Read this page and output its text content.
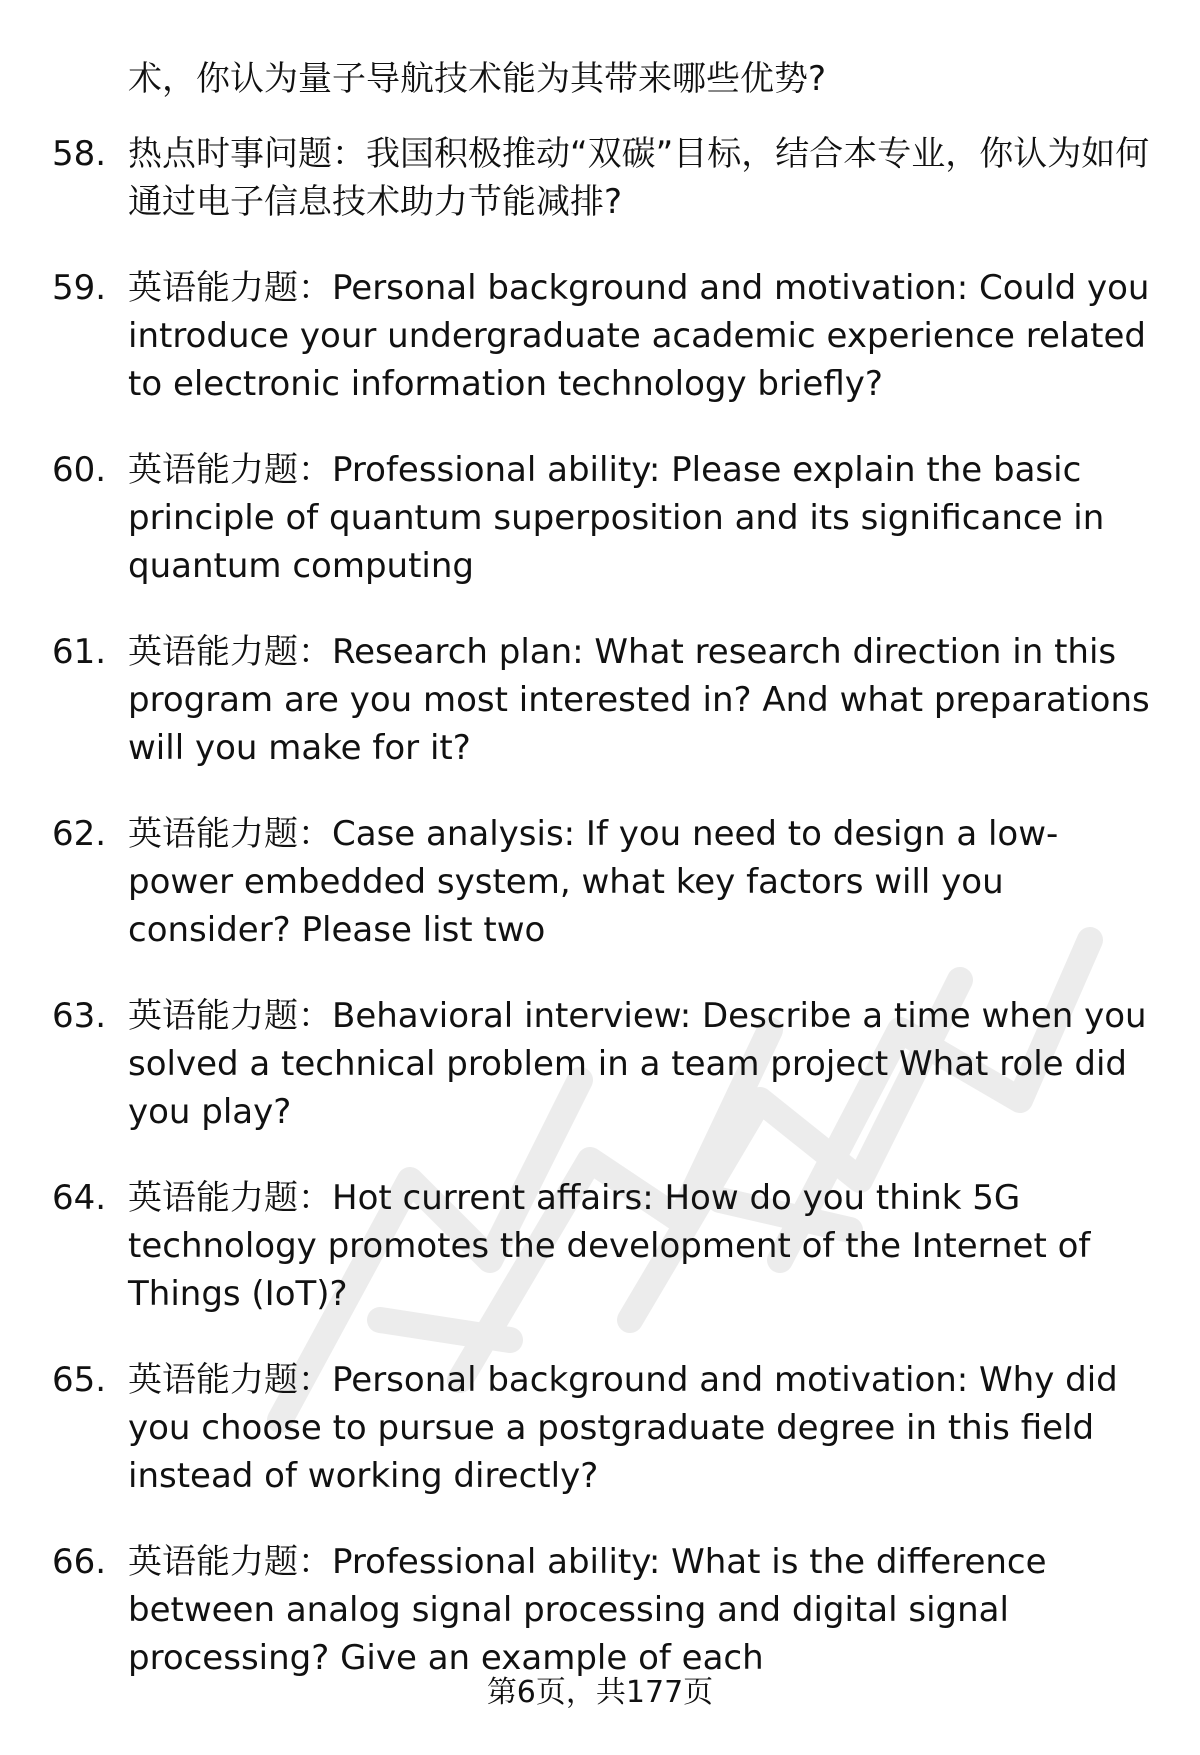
术，你认为量子导航技术能为其带来哪些优势?
58. 热点时事问题：我国积极推动“双碳”目标，结合本专业，你认为如何通过电子信息技术助力节能减排?
59. 英语能力题：Personal background and motivation: Could you introduce your undergraduate academic experience related to electronic information technology briefly?
60. 英语能力题：Professional ability: Please explain the basic principle of quantum superposition and its significance in quantum computing
61. 英语能力题：Research plan: What research direction in this program are you most interested in? And what preparations will you make for it?
62. 英语能力题：Case analysis: If you need to design a low-power embedded system, what key factors will you consider? Please list two
63. 英语能力题：Behavioral interview: Describe a time when you solved a technical problem in a team project What role did you play?
64. 英语能力题：Hot current affairs: How do you think 5G technology promotes the development of the Internet of Things (IoT)?
65. 英语能力题：Personal background and motivation: Why did you choose to pursue a postgraduate degree in this field instead of working directly?
66. 英语能力题：Professional ability: What is the difference between analog signal processing and digital signal processing? Give an example of each
第6页，共177页
